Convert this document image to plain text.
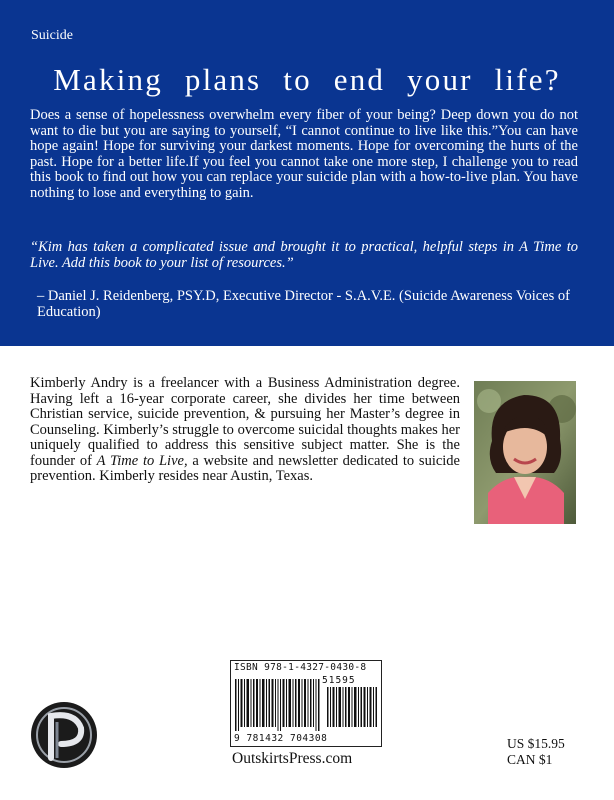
Suicide
Making plans to end your life?

Does a sense of hopelessness overwhelm every fiber of your being? Deep down you do not want to die but you are saying to yourself, “I cannot continue to live like this.”You can have hope again! Hope for surviving your darkest moments. Hope for overcoming the hurts of the past. Hope for a better life.If you feel you cannot take one more step, I challenge you to read this book to find out how you can replace your suicide plan with a how-to-live plan. You have nothing to lose and everything to gain.

“Kim has taken a complicated issue and brought it to practical, helpful steps in A Time to Live. Add this book to your list of resources.”

– Daniel J. Reidenberg, PSY.D, Executive Director - S.A.V.E. (Suicide Awareness Voices of Education)

Kimberly Andry is a freelancer with a Business Administration degree. Having left a 16-year corporate career, she divides her time between Christian service, suicide prevention, & pursuing her Master’s degree in Counseling. Kimberly’s struggle to overcome suicidal thoughts makes her uniquely qualified to address this sensitive subject matter. She is the founder of A Time to Live, a website and newsletter dedicated to suicide prevention. Kimberly resides near Austin, Texas.

ISBN 978-1-4327-0430-8
51595
9 781432 704308
OutskirtsPress.com
US $15.95
CAN $1
